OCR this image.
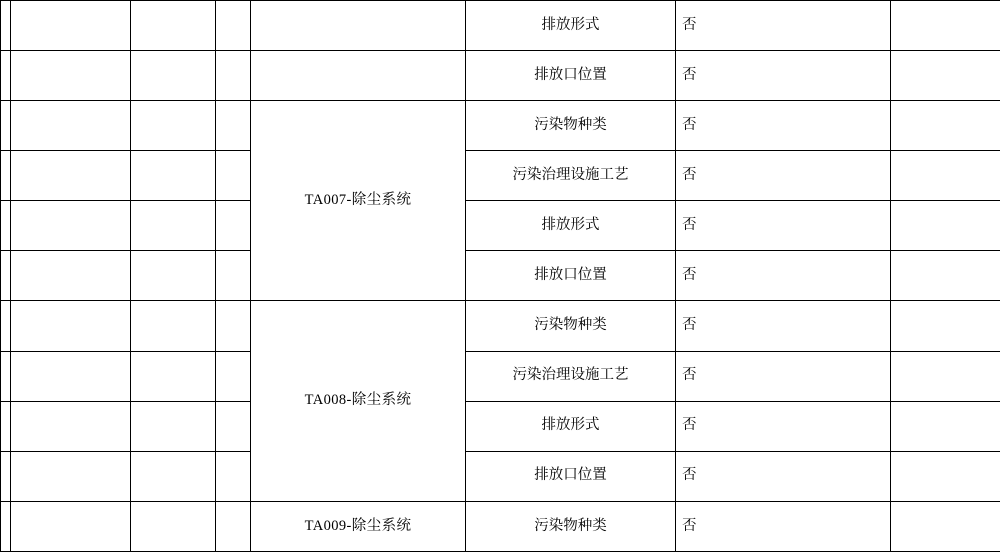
					排放形式	否	
					排放口位置	否	
				TA007-除尘系统	污染物种类	否	
					污染治理设施工艺	否	
					排放形式	否	
					排放口位置	否	
				TA008-除尘系统	污染物种类	否	
					污染治理设施工艺	否	
					排放形式	否	
					排放口位置	否	
				TA009-除尘系统	污染物种类	否	
